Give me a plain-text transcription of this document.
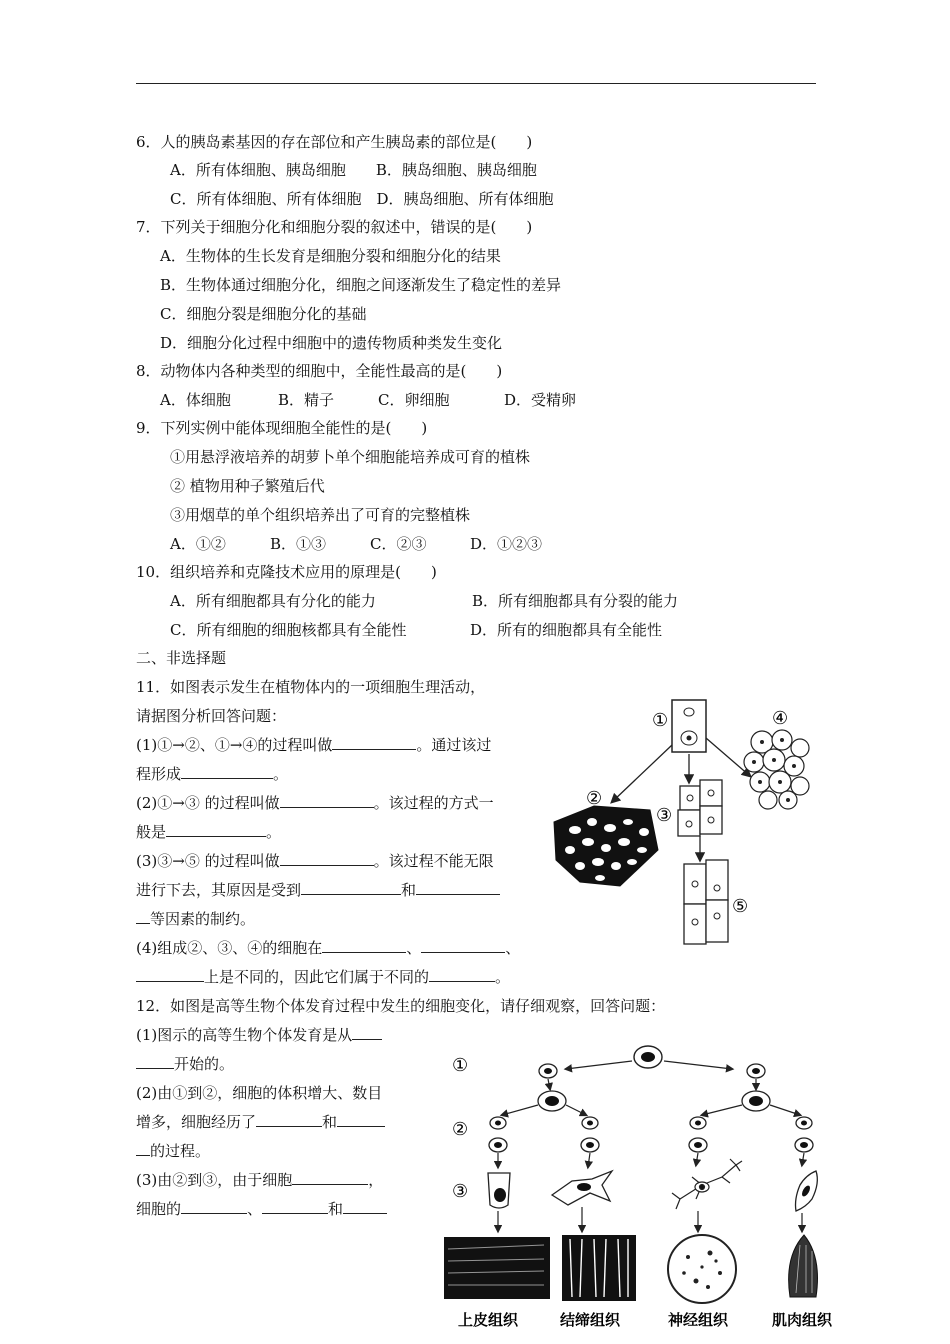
6．人的胰岛素基因的存在部位和产生胰岛素的部位是(　　)
A．所有体细胞、胰岛细胞　　B．胰岛细胞、胰岛细胞
C．所有体细胞、所有体细胞　D．胰岛细胞、所有体细胞
7．下列关于细胞分化和细胞分裂的叙述中，错误的是(　　)
A．生物体的生长发育是细胞分裂和细胞分化的结果
B．生物体通过细胞分化，细胞之间逐渐发生了稳定性的差异
C．细胞分裂是细胞分化的基础
D．细胞分化过程中细胞中的遗传物质种类发生变化
8．动物体内各种类型的细胞中，全能性最高的是(　　)
A．体细胞	B．精子	C．卵细胞	D．受精卵
9．下列实例中能体现细胞全能性的是(　　)
①用悬浮液培养的胡萝卜单个细胞能培养成可育的植株
② 植物用种子繁殖后代
③用烟草的单个组织培养出了可育的完整植株
A．①②	B．①③	C．②③	D．①②③
10．组织培养和克隆技术应用的原理是(　　)
A．所有细胞都具有分化的能力	B．所有细胞都具有分裂的能力
C．所有细胞的细胞核都具有全能性	D．所有的细胞都具有全能性
二、非选择题
11．如图表示发生在植物体内的一项细胞生理活动，
请据图分析回答问题：
(1)①→②、①→④的过程叫做	。通过该过
程形成	。
(2)①→③ 的过程叫做	。该过程的方式一
般是	。
(3)③→⑤ 的过程叫做	。该过程不能无限
进行下去，其原因是受到	和
等因素的制约。
(4)组成②、③、④的细胞在	、	、
上是不同的，因此它们属于不同的	。
①
②
③
④
⑤
12．如图是高等生物个体发育过程中发生的细胞变化，请仔细观察，回答问题：
(1)图示的高等生物个体发育是从
开始的。
(2)由①到②，细胞的体积增大、数目
增多，细胞经历了	和
的过程。
(3)由②到③，由于细胞	，
细胞的	、	和
①
②
③
上皮组织	结缔组织	神经组织	肌肉组织
